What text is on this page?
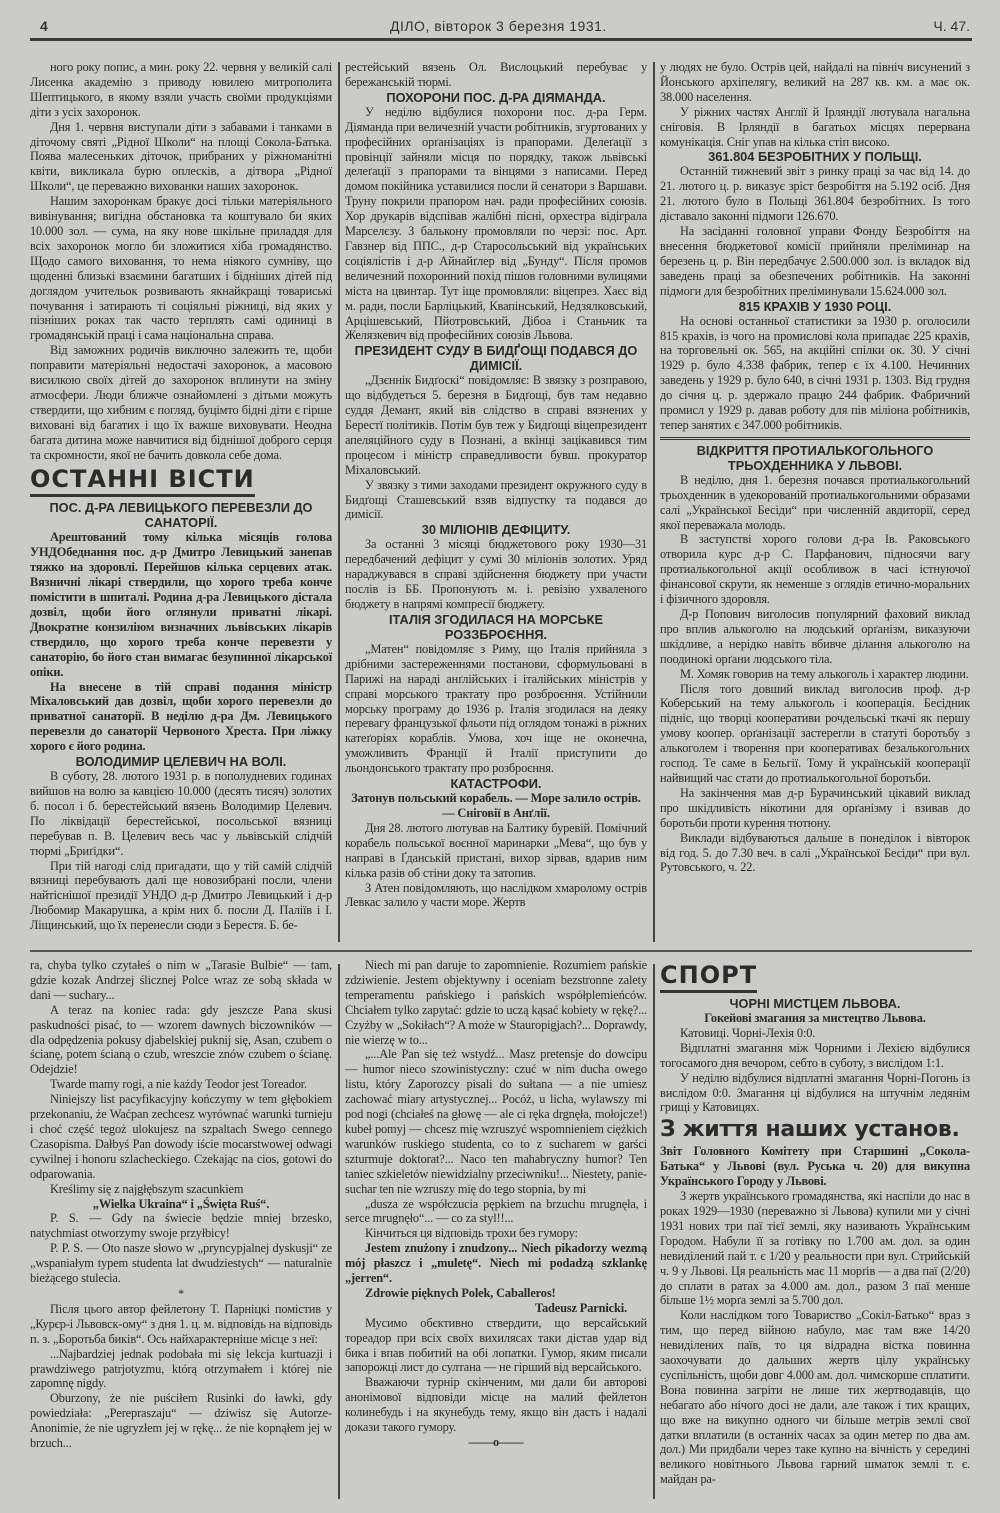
4	ДІЛО, вівторок 3 березня 1931.	Ч. 47.

ного року попис, а мин. року 22. червня у великій салі Лисенка академію з приводу ювилею митрополита Шептицького, в якому взяли участь своїми продукціями діти з усіх захоронок.

Дня 1. червня виступали діти з забавами і танками в діточому святі „Рідної Школи“ на площі Сокола-Батька. Поява малесеньких діточок, прибраних у ріжноманітні квіти, викликала бурю оплесків, а дітвора „Рідної Школи“, це переважно вихованки наших захоронок.

Нашим захоронкам бракує досі тільки матеріяльного вивінування; вигідна обстановка та коштувало би яких 10.000 зол. — сума, на яку нове шкільне приладдя для всіх захоронок могло би зложитися хіба громадянство. Щодо самого виховання, то нема ніякого сумніву, що щоденні близькі взаємини багатших і бідніших дітей під доглядом учительок розвивають якнайкращі товариські почування і затирають ті соціяльні ріжниці, від яких у пізніших роках так часто терплять самі одиниці в громадянській праці і сама національна справа.

Від заможних родичів виключно залежить те, щоби поправити матеріяльні недостачі захоронок, а масовою висилкою своїх дітей до захоронок вплинути на зміну атмосфери. Люди ближче ознайомлені з дітьми можуть ствердити, що хибним є погляд, буцімто бідні діти є гірше виховані від багатих і що їх важше виховувати. Неодна багата дитина може навчитися від біднішої доброго серця та скромности, якої не бачить довкола себе дома.

ОСТАННІ ВІСТИ
ПОС. Д-РА ЛЕВИЦЬКОГО ПЕРЕВЕЗЛИ ДО САНАТОРІЇ.

Арештований тому кілька місяців голова УНДОбеднання пос. д-р Дмитро Левицький занепав тяжко на здоровлі. Перейшов кілька серцевих атак. Вязничні лікарі ствердили, що хорого треба конче помістити в шпиталі. Родина д-ра Левицького дістала дозвіл, щоби його оглянули приватні лікарі. Двократне конзиліюм визначних львівських лікарів ствердило, що хорого треба конче перевезти у санаторію, бо його стан вимагає безупинної лікарської опіки.

На внесене в тій справі подання міністр Міхаловський дав дозвіл, щоби хорого перевезли до приватної санаторії. В неділю д-ра Дм. Левицького перевезли до санаторії Червоного Хреста. При ліжку хорого є його родина.

ВОЛОДИМИР ЦЕЛЕВИЧ НА ВОЛІ.

В суботу, 28. лютого 1931 р. в пополудневих годинах вийшов на волю за кавцією 10.000 (десять тисяч) золотих б. посол і б. берестейський вязень Володимир Целевич. По ліквідації берестейської, посольської вязниці перебував п. В. Целевич весь час у львівській слідчій тюрмі „Бриґідки“.

При тій нагоді слід пригадати, що у тій самій слідчій вязниці перебувають далі ще новозибрані посли, члени найтіснішої президії УНДО д-р Дмитро Левицький і д-р Любомир Макарушка, а крім них б. посли Д. Паліїв і І. Ліщинський, що їх перенесли сюди з Берестя. Б. бе-

рестейський вязень Ол. Вислоцький перебуває у бережанській тюрмі.

ПОХОРОНИ ПОС. Д-РА ДІЯМАНДА.

У неділю відбулися похорони пос. д-ра Герм. Діяманда при величезній участи робітників, згуртованих у професійних орґанізаціях із прапорами. Делеґації з провінції зайняли місця по порядку, також львівські делеґації з прапорами та вінцями з написами. Перед домом покійника уставилися посли й сенатори з Варшави. Труну покрили прапором нач. ради професійних союзів. Хор друкарів відспівав жалібні пісні, орхестра відіграла Марселєзу. З бальконy промовляли по черзі: пос. Арт. Гавзнер від ППС., д-р Старосольський від українських соціялістів і д-р Айнайґлер від „Бунду“. Після промов величезний похоронний похід пішов головними вулицями міста на цвинтар. Тут іще промовляли: віцепрез. Хаєс від м. ради, посли Барліцький, Квапінський, Недзялковський, Арцішевський, Пйотровський, Дібоа і Станьчик та Желязкевич від професійних союзів Львова.

ПРЕЗИДЕНТ СУДУ В БИДҐОЩІ ПОДАВСЯ ДО ДИМІСІЇ.

„Дзєннік Бидґоскі“ повідомляє: В звязку з розправою, що відбудеться 5. березня в Бидґощі, був там недавно суддя Демант, який вів слідство в справі вязнених у Берестї політиків. Потім був теж у Бидґощі віцепрезидент апеляційного суду в Познані, а вкінці зацікавився тим процесом і міністр справедливости бувш. прокуратор Міхаловський.

У звязку з тими заходами президент окружного суду в Бидґощі Сташевський взяв відпустку та подався до димісії.

30 МІЛІОНІВ ДЕФІЦИТУ.

За останні 3 місяці бюджетового року 1930—31 передбачений дефіцит у сумі 30 міліонів золотих. Уряд нараджувався в справі здійснення бюджету при участи послів із ББ. Пропонують м. і. ревізію ухваленого бюджету в напрямі компресії бюджету.

ІТАЛІЯ ЗГОДИЛАСЯ НА МОРСЬКЕ РОЗЗБРОЄННЯ.

„Матен“ повідомляє з Риму, що Італія прийняла з дрібними застереженнями постанови, сформульовані в Парижі на нараді анґлійських і італійських міністрів у справі морського трактату про розброєння. Устійнили морську програму до 1936 р. Італія згодилася на деяку перевагу французької фльоти під оглядом тонажі в ріжних катеґоріях кораблів. Умова, хоч іще не оконечна, уможливить Франції й Італії приступити до льондонського трактату про розброєння.

КАТАСТРОФИ.
Затонув польський корабель. — Море залило острів. — Сніговії в Анґлії.

Дня 28. лютого лютував на Балтику буревій. Помічний корабель польської воєнної маринарки „Мева“, що був у направі в Ґданській пристані, вихор зірвав, вдарив ним кілька разів об стіни доку та затопив.

З Атен повідомляють, що наслідком хмаролому острів Левкас залило у части море. Жертв

у людях не було. Острів цей, найдалі на північ висунений з Йонського архіпелягу, великий на 287 кв. км. а має ок. 38.000 населення.

У ріжних частях Англії й Ірляндії лютувала нагальна сніговія. В Ірляндії в багатьох місцях перервана комунікація. Сніг упав на кілька стіп високо.

361.804 БЕЗРОБІТНИХ У ПОЛЬЩІ.

Останній тижневий звіт з ринку праці за час від 14. до 21. лютого ц. р. виказує зріст безробіття на 5.192 осіб. Дня 21. лютого було в Польщі 361.804 безробітних. Із того діставало законні підмоги 126.670.

На засіданні головної управи Фонду Безробіття на внесення бюджетової комісії прийняли преліминар на березень ц. р. Він передбачує 2.500.000 зол. із вкладок від заведень праці за обезпечених робітників. На законні підмоги для безробітних преліминували 15.624.000 зол.

815 КРАХІВ У 1930 РОЦІ.

На основі останньої статистики за 1930 р. оголосили 815 крахів, із чого на промислові кола припадає 225 крахів, на торговельні ок. 565, на акційні спілки ок. 30. У січні 1929 р. було 4.338 фабрик, тепер є їх 4.100. Нечинних заведень у 1929 р. було 640, в січні 1931 р. 1303. Від грудня до січня ц. р. здержало працю 244 фабрик. Фабричний промисл у 1929 р. давав роботу для пів міліона робітників, тепер занятих є 347.000 робітників.

ВІДКРИТТЯ ПРОТИАЛЬКОГОЛЬНОГО ТРЬОХДЕННИКА У ЛЬВОВІ.

В неділю, дня 1. березня почався протиалькогольний трьохденник в удекорованій протиалькогольними образами салі „Української Бесіди“ при численній авдиторії, серед якої переважала молодь.

В заступстві хорого голови д-ра Ів. Раковського отворила курс д-р С. Парфанович, підносячи вагу протиалькогольної акції особливож в часі істнуючої фінансової скрути, як неменше з оглядів етично-моральних і фізичного здоровля.

Д-р Попович виголосив популярний фаховий виклад про вплив алькоголю на людський орґанізм, виказуючи шкідливе, а нерідко навіть вбивче ділання алькоголю на поодинокі орґани людського тіла.

М. Хомяк говорив на тему алькоголь і характер людини.

Після того довший виклад виголосив проф. д-р Коберський на тему алькоголь і кооперація. Бесідник підніс, що творці кооперативи рочдельські ткачі як першу умову коопер. орґанізації застерегли в статуті боротьбу з алькоголем і творення при кооперативах безалькогольних господ. Те саме в Бельгії. Тому й українській кооперації найвищий час стати до протиалькогольної боротьби.

На закінчення мав д-р Бурачинський цікавий виклад про шкідливість нікотини для орґанізму і взивав до боротьби проти курення тютюну.

Виклади відбуваються дальше в понеділок і вівторок від год. 5. до 7.30 веч. в салі „Української Бесіди“ при вул. Рутовського, ч. 22.

ra, chyba tylko czytałeś o nim w „Tarasie Bulbie“ — tam, gdzie kozak Andrzej ślicznej Polce wraz ze sobą składa w dani — suchary...

A teraz na koniec rada: gdy jeszcze Pana skusi paskudności pisać, to — wzorem dawnych biczowników — dla odpędzenia pokusy djabelskiej puknij się, Asan, czubem o ścianę, potem ścianą o czub, wreszcie znów czubem o ścianę. Odejdzie!

Twarde mamy rogi, a nie każdy Teodor jest Toreador.

Niniejszy list pacyfikacyjny kończymy w tem głębokiem przekonaniu, że Waćpan zechcesz wyrównać warunki turnieju i choć część tegoż ulokujesz na szpaltach Swego cennego Czasopisma. Dałbyś Pan dowody iście mocarstwowej odwagi cywilnej i honoru szlacheckiego. Czekając na cios, gotowi do odparowania.

Kreślimy się z najgłębszym szacunkiem

„Wielka Ukraina“ i „Święta Ruś“.

P. S. — Gdy na świecie będzie mniej brzesko, natychmiast otworzymy swoje przyłbicy!

P. P. S. — Oto nasze słowo w „pryncypjalnej dyskusji“ ze „wspaniałym typem studenta lat dwudziestych“ — naturalnie bieżącego stulecia.

*

Після цього автор фейлетону Т. Парніцкі помістив у „Курєр-і Львовск-ому“ з дня 1. ц. м. відповідь на відповідь п. з. „Боротьба биків“. Ось найхарактерніше місце з неї:

...Najbardziej jednak podobała mi się lekcja kurtuazji i prawdziwego patrjotyzmu, którą otrzymałem i której nie zapomnę nigdy.

Oburzony, że nie puściłem Rusinki do ławki, gdy powiedziała: „Perepraszaju“ — dziwisz się Autorze-Anonimie, że nie ugryzłem jej w rękę... że nie kopnąłem jej w brzuch...

Niech mi pan daruje to zapomnienie. Rozumiem pańskie zdziwienie. Jestem objektywny i oceniam bezstronne zalety temperamentu pańskiego i pańskich współplemieńców. Chciałem tylko zapytać: gdzie to uczą kąsać kobiety w rękę?... Czyżby w „Sokiłach“? A może w Stauropigjach?... Doprawdy, nie wierzę w to...

„...Ale Pan się też wstydź... Masz pretensje do dowcipu — humor nieco szowinistyczny: czuć w nim ducha owego listu, który Zaporozcy pisali do sułtana — a nie umiesz zachować miary artystycznej... Pocóż, u licha, wylawszy mi pod nogi (chciałeś na głowę — ale ci ręka drgnęła, mołojcze!) kubeł pomyj — chcesz mię wzruszyć wspomnieniem ciężkich warunków ruskiego studenta, co to z sucharem w garści szturmuje doktorat?... Naco ten mahabryczny humor? Ten taniec szkieletów niewidzialny przeciwniku!... Niestety, panie- suchar ten nie wzruszy mię do tego stopnia, by mi

„dusza ze współczucia pępkiem na brzuchu mrugnęła, i serce mrugnęło“... — co za styl!!...

Кінчиться ця відповідь трохи без гумору:

Jestem znużony i znudzony... Niech pikadorzy wezmą mój płaszcz i „muletę“. Niech mi podadzą szklankę „jerren“.

Zdrowie pięknych Polek, Caballeros!

Tadeusz Parnicki.

Мусимо обєктивно ствердити, що версайський тореадор при всіх своїх вихилясах таки дістав удар від бика і впав побитий на обі лопатки. Гумор, яким писали запорожці лист до султана — не гірший від версайського.

Вважаючи турнір скінченим, ми дали би авторові анонімової відповіди місце на малий фейлетон колинебудь і на якунебудь тему, якщо він дасть і надалі докази такого гумору.

——o——
СПОРТ
ЧОРНІ МИСТЦЕМ ЛЬВОВА.
Гокейові змагання за мистецтво Львова.

Катовиці. Чорні-Лехія 0:0.

Відплатні змагання між Чорними і Лехією відбулися тогосамого дня вечором, себто в суботу, з вислідом 1:1.

У неділю відбулися відплатні змагання Чорні-Погонь із вислідом 0:0. Змагання ці відбулися на штучнім ледянім грищі у Катовицях.

З життя наших установ.
Звіт Головного Комітету при Старшині „Сокола-Батька“ у Львові (вул. Руська ч. 20) для викупна Українського Городу у Львові.

З жертв українського громадянства, які наспіли до нас в роках 1929—1930 (переважно зі Львова) купили ми у січні 1931 нових три паї тієї землі, яку називають Українським Городом. Набули її за готівку по 1.700 ам. дол. за один невиділений пай т. є 1/20 у реальности при вул. Стрийській ч. 9 у Львові. Ця реальність має 11 морґів — а два паї (2/20) до сплати в ратах за 4.000 ам. дол., разом 3 паї менше більше 1½ морґа землі за 5.700 дол.

Коли наслідком того Товариство „Сокіл-Батько“ враз з тим, що перед війною набуло, має там вже 14/20 невиділених паїв, то ця відрадна вістка повинна заохочувати до дальших жертв цілу українську суспільність, щоби довг 4.000 ам. дол. чимскорше сплатити. Вона повинна загріти не лише тих жертводавців, що небагато або нічого досі не дали, але також і тих кращих, що вже на викупно одного чи більше метрів землі свої датки вплатили (в останніх часах за один метер по два ам. дол.) Ми придбали через таке купно на вічність у середині великого новітнього Львова гарний шматок землі т. є. майдан ра-
